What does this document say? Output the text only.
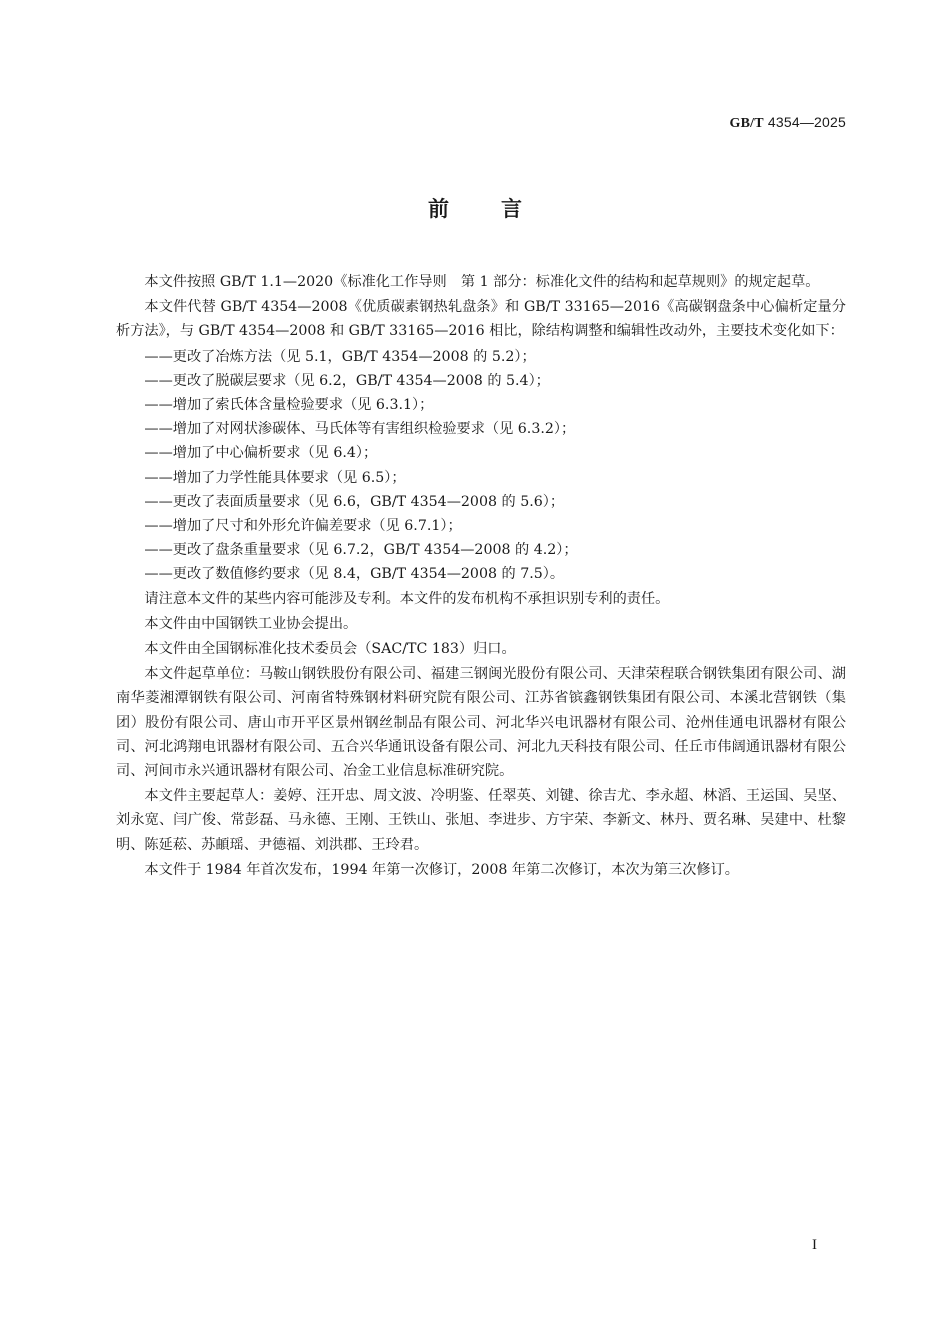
GB/T 4354—2025
前言

本文件按照 GB/T 1.1—2020《标准化工作导则　第 1 部分：标准化文件的结构和起草规则》的规定起草。

本文件代替 GB/T 4354—2008《优质碳素钢热轧盘条》和 GB/T 33165—2016《高碳钢盘条中心偏析定量分析方法》，与 GB/T 4354—2008 和 GB/T 33165—2016 相比，除结构调整和编辑性改动外，主要技术变化如下：

——更改了冶炼方法（见 5.1，GB/T 4354—2008 的 5.2）；

——更改了脱碳层要求（见 6.2，GB/T 4354—2008 的 5.4）；

——增加了索氏体含量检验要求（见 6.3.1）；

——增加了对网状渗碳体、马氏体等有害组织检验要求（见 6.3.2）；

——增加了中心偏析要求（见 6.4）；

——增加了力学性能具体要求（见 6.5）；

——更改了表面质量要求（见 6.6，GB/T 4354—2008 的 5.6）；

——增加了尺寸和外形允许偏差要求（见 6.7.1）；

——更改了盘条重量要求（见 6.7.2，GB/T 4354—2008 的 4.2）；

——更改了数值修约要求（见 8.4，GB/T 4354—2008 的 7.5）。

请注意本文件的某些内容可能涉及专利。本文件的发布机构不承担识别专利的责任。

本文件由中国钢铁工业协会提出。

本文件由全国钢标准化技术委员会（SAC/TC 183）归口。

本文件起草单位：马鞍山钢铁股份有限公司、福建三钢闽光股份有限公司、天津荣程联合钢铁集团有限公司、湖南华菱湘潭钢铁有限公司、河南省特殊钢材料研究院有限公司、江苏省镔鑫钢铁集团有限公司、本溪北营钢铁（集团）股份有限公司、唐山市开平区景州钢丝制品有限公司、河北华兴电讯器材有限公司、沧州佳通电讯器材有限公司、河北鸿翔电讯器材有限公司、五合兴华通讯设备有限公司、河北九天科技有限公司、任丘市伟阔通讯器材有限公司、河间市永兴通讯器材有限公司、冶金工业信息标准研究院。

本文件主要起草人：姜婷、汪开忠、周文波、冷明鉴、任翠英、刘键、徐吉尤、李永超、林滔、王运国、吴坚、刘永宽、闫广俊、常彭磊、马永德、王刚、王铁山、张旭、李进步、方宇荣、李新文、林丹、贾名琳、吴建中、杜黎明、陈延菘、苏頔瑶、尹德福、刘洪郡、王玲君。

本文件于 1984 年首次发布，1994 年第一次修订，2008 年第二次修订，本次为第三次修订。

I
